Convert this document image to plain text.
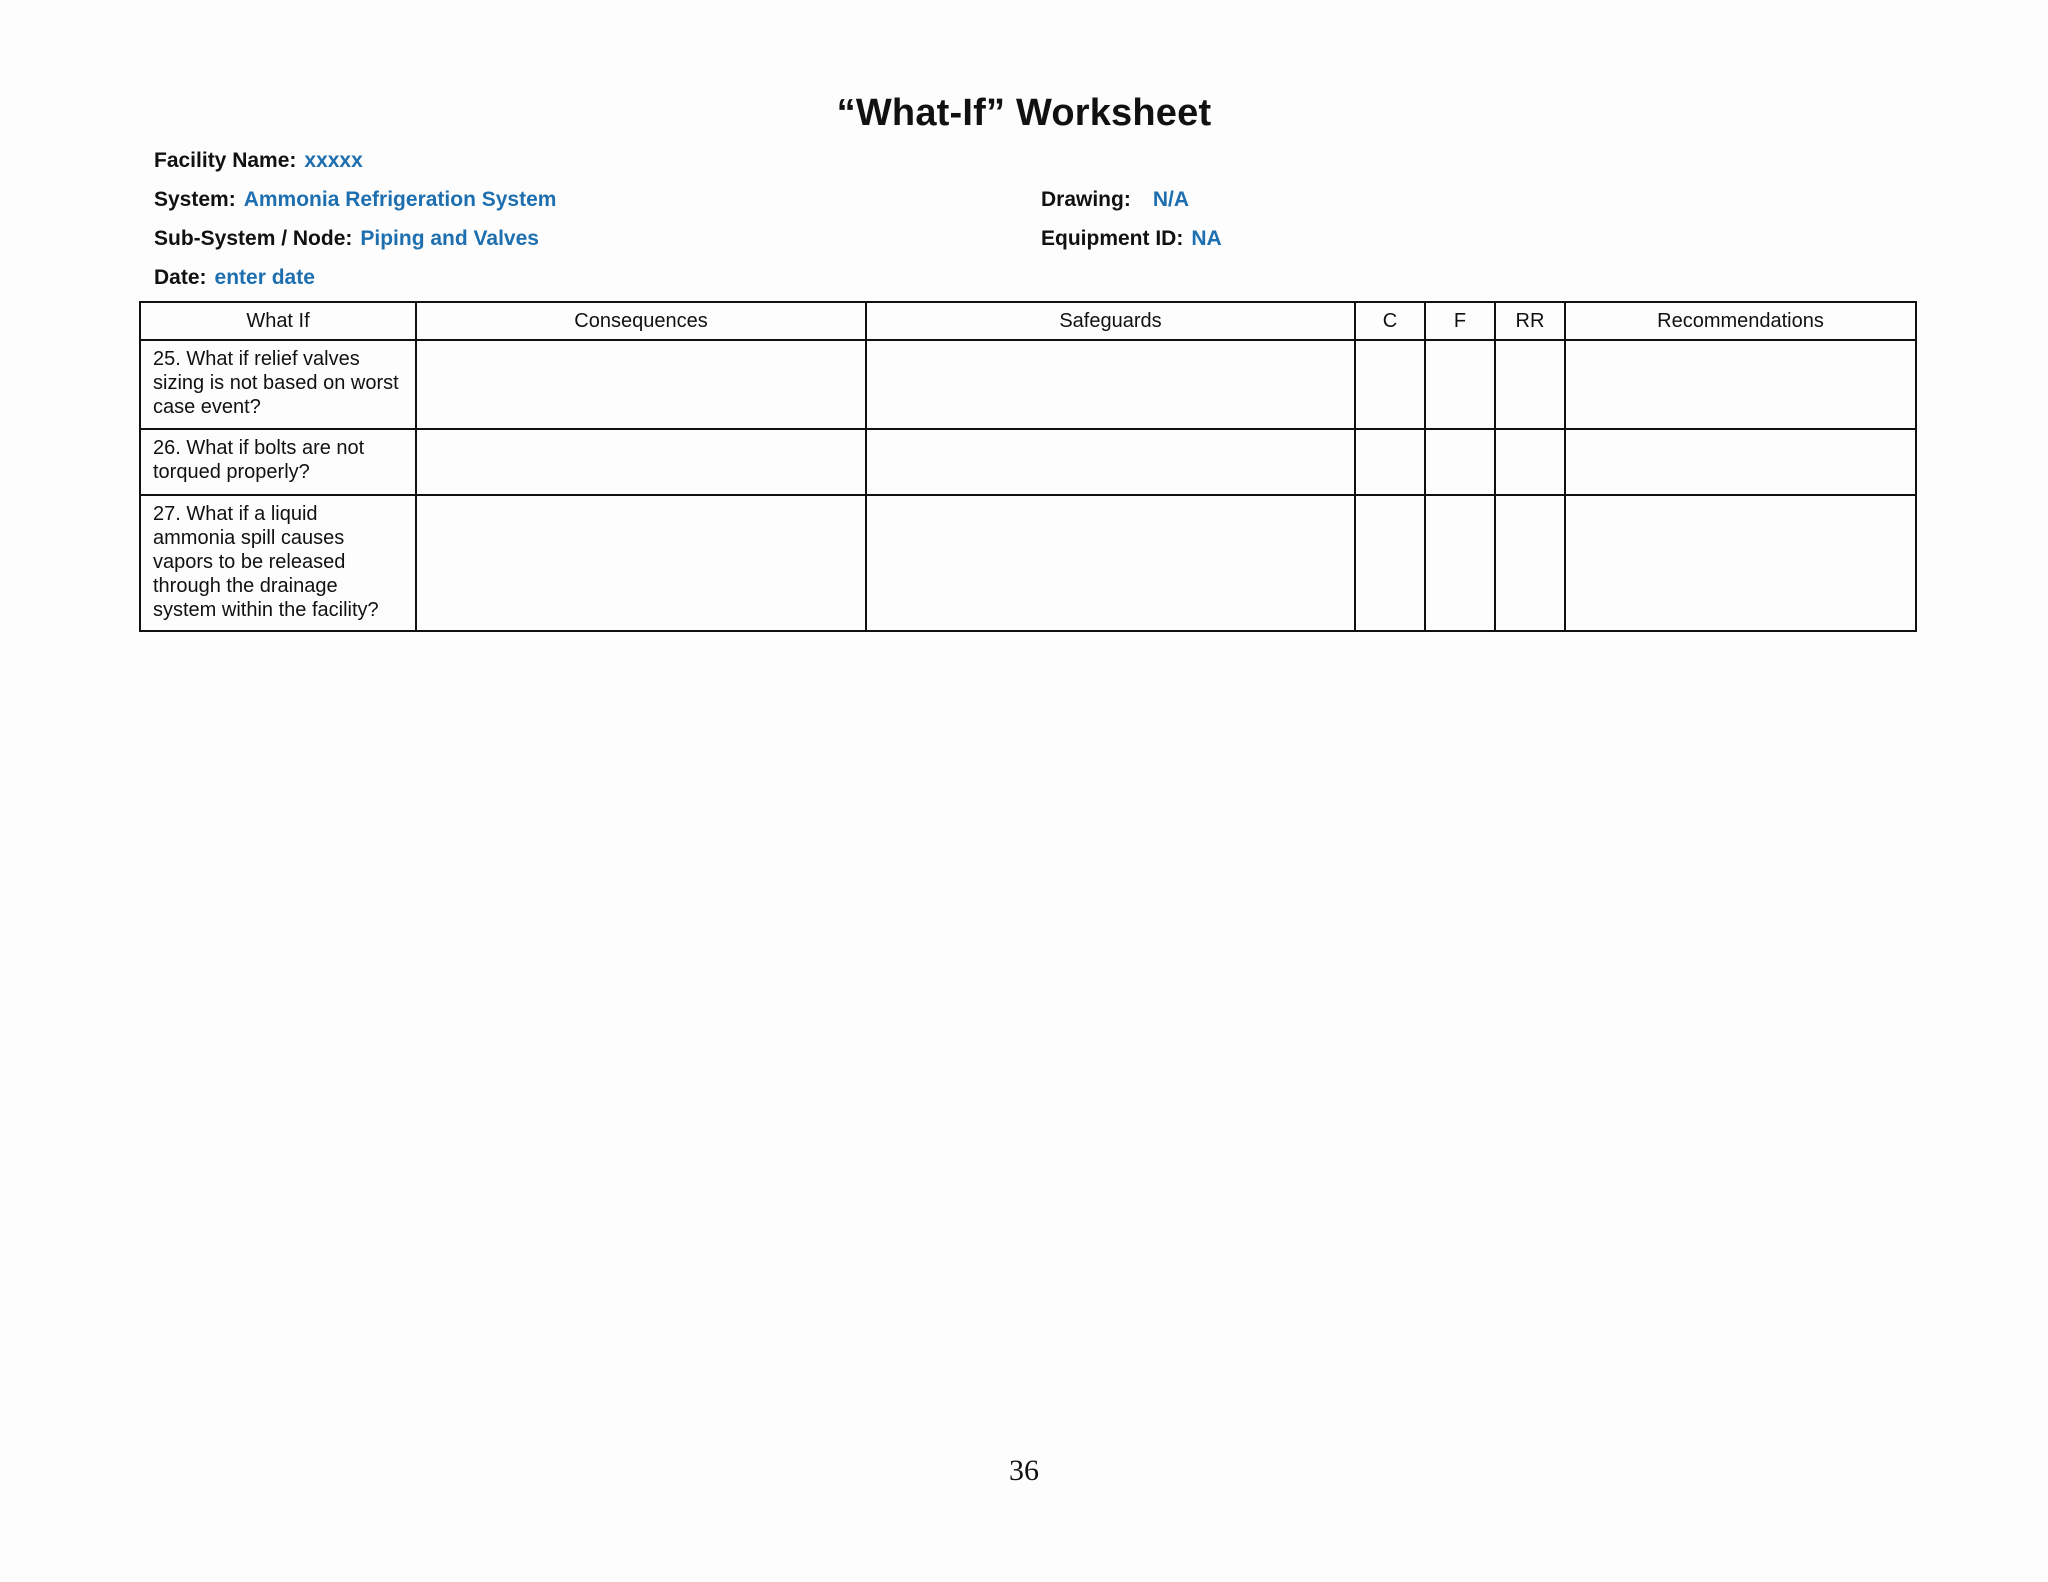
“What-If” Worksheet
Facility Name: xxxxx
System: Ammonia Refrigeration System
Sub-System / Node: Piping and Valves
Date: enter date
Drawing: N/A
Equipment ID: NA
What If	Consequences	Safeguards	C	F	RR	Recommendations
25. What if relief valves sizing is not based on worst case event?						
26. What if bolts are not torqued properly?						
27. What if a liquid ammonia spill causes vapors to be released through the drainage system within the facility?						
36
